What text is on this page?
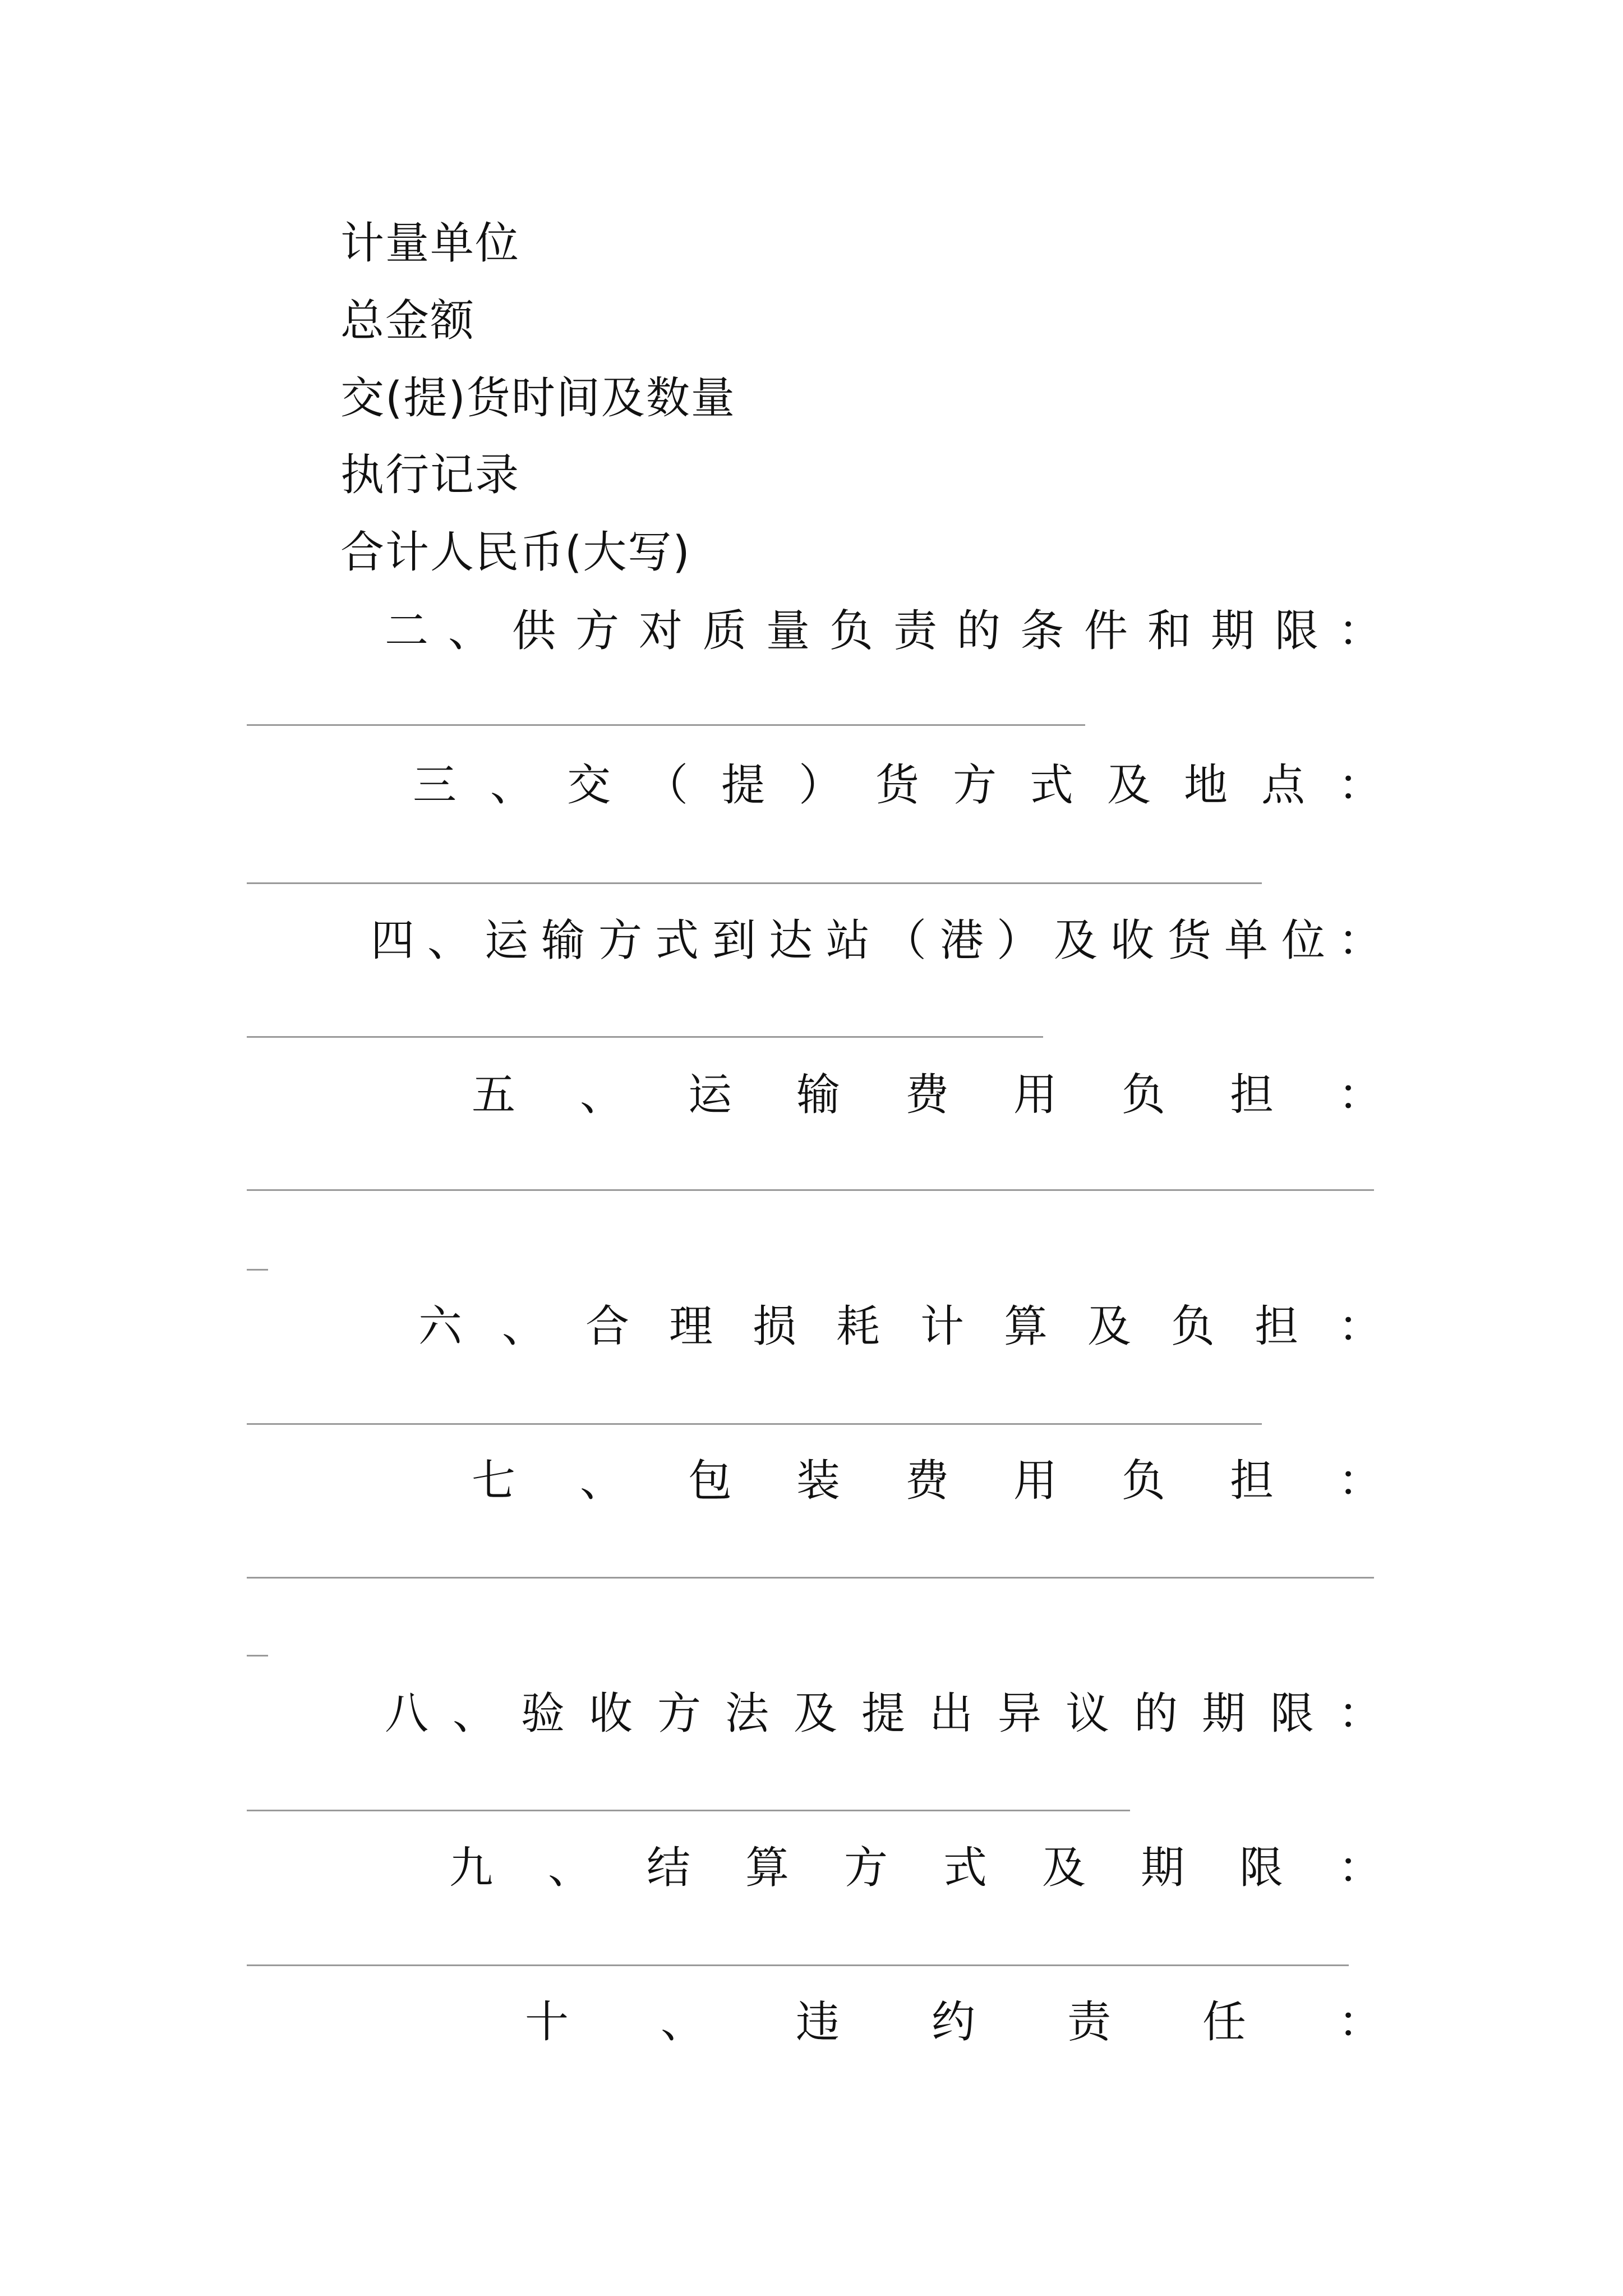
计量单位
总金额
交(提)货时间及数量
执行记录
合计人民币(大写)
二 、 供 方 对 质 量 负 责 的 条 件 和 期 限 ：
三 、 交 （ 提 ） 货 方 式 及 地 点 ：
四 、 运 输 方 式 到 达 站 （ 港 ） 及 收 货 单 位 ：
五 、 运 输 费 用 负 担 ：
六 、 合 理 损 耗 计 算 及 负 担 ：
七 、 包 装 费 用 负 担 ：
八 、 验 收 方 法 及 提 出 异 议 的 期 限 ：
九 、 结 算 方 式 及 期 限 ：
十 、 违 约 责 任 ：
